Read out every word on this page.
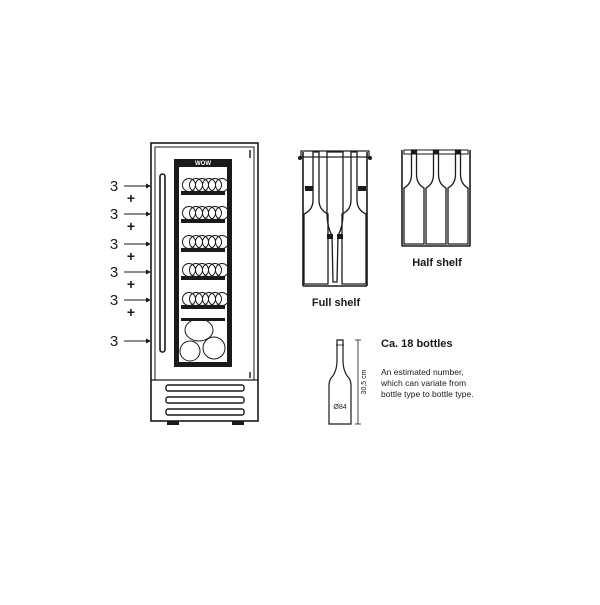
3
+
3
+
3
+
3
+
3
+
3
WOW
Full shelf
Half shelf
Ø84
30,5 cm
Ca. 18 bottles
An estimated number,
which can variate from
bottle type to bottle type.
